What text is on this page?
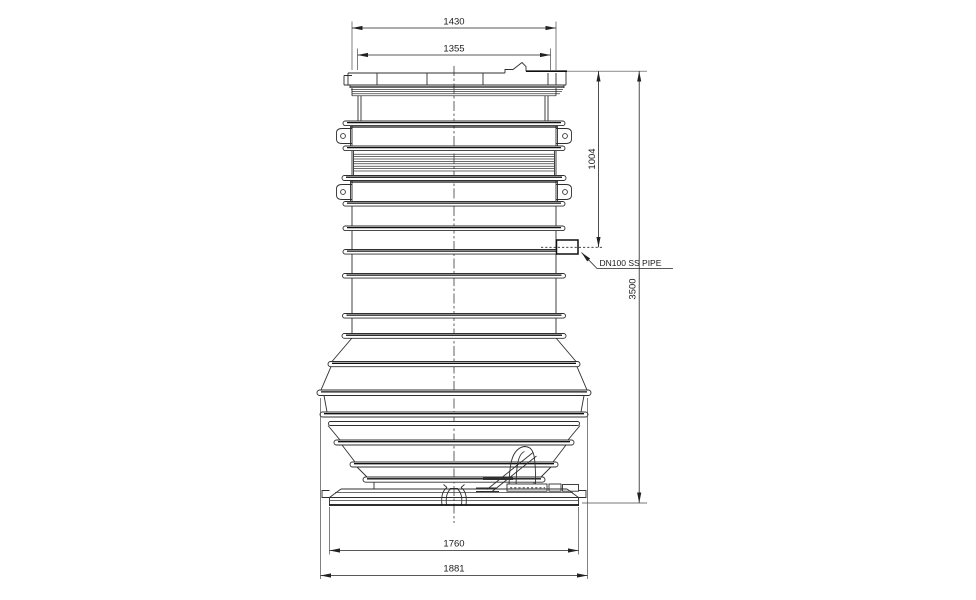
1430
1355
1004
3500
DN100 SS PIPE
1760
1881
